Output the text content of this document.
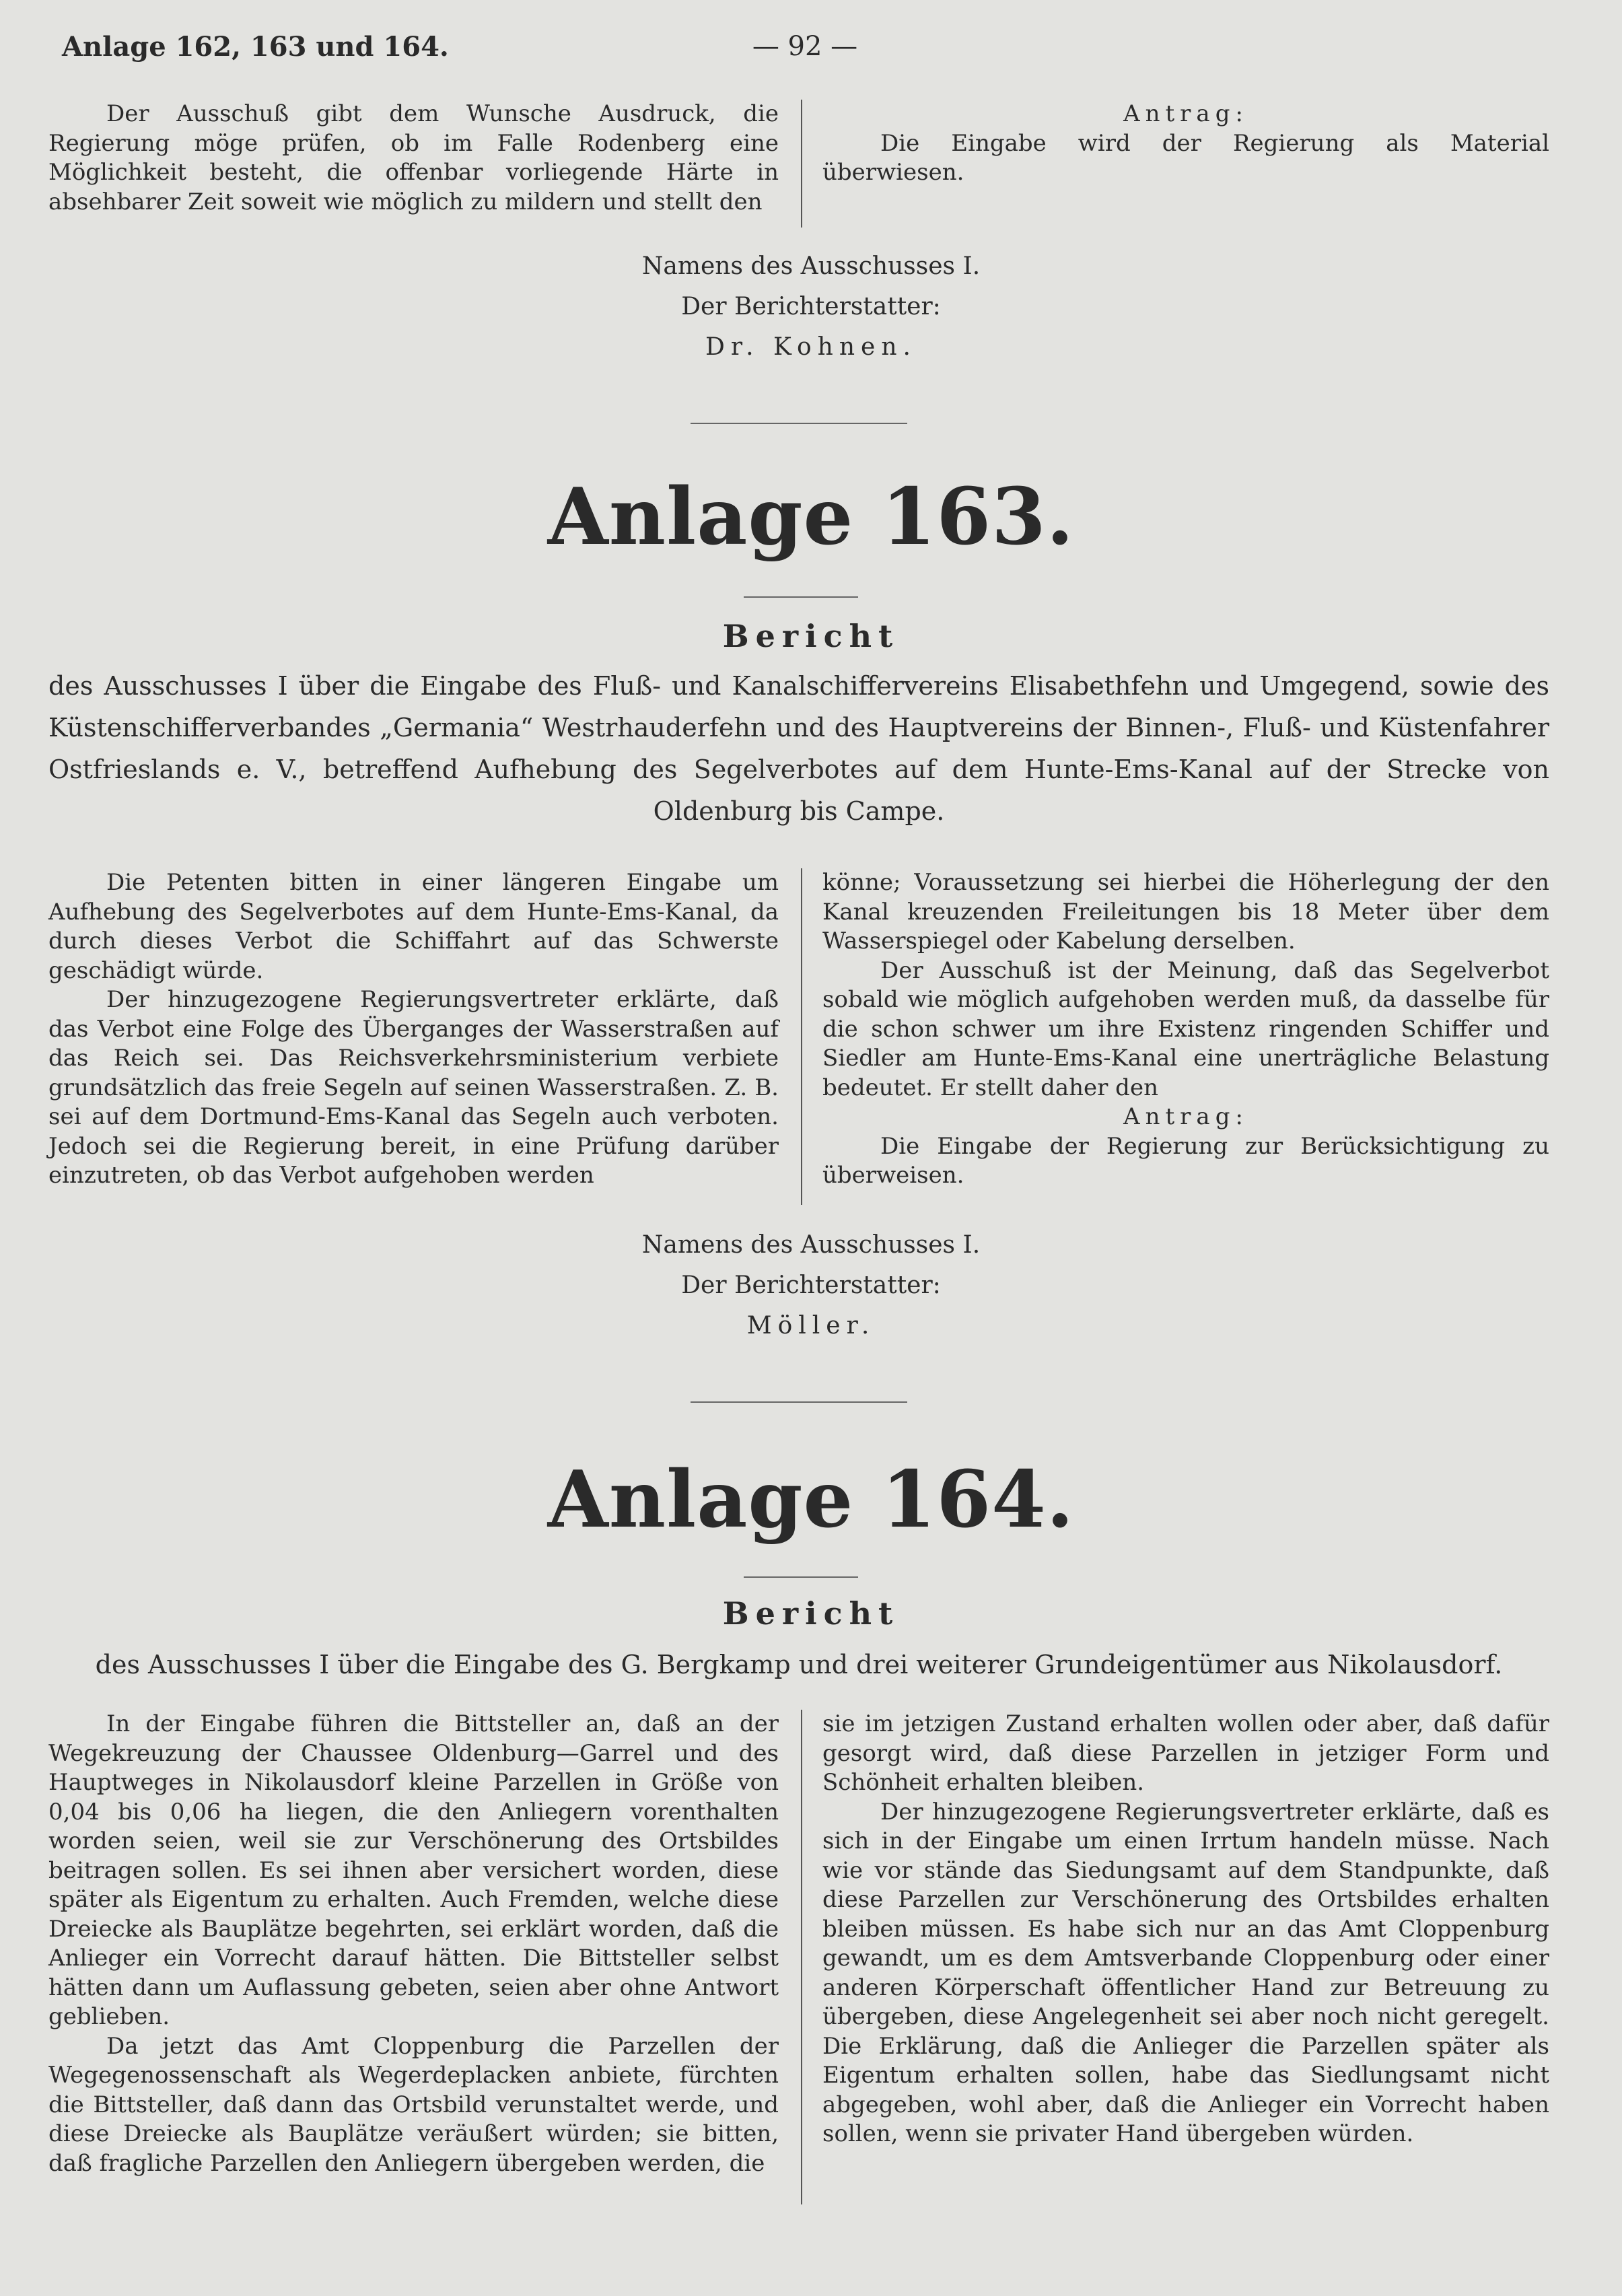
Anlage 162, 163 und 164.	— 92 —

Der Ausschuß gibt dem Wunsche Ausdruck, die Regierung möge prüfen, ob im Falle Rodenberg eine Möglichkeit besteht, die offenbar vorliegende Härte in absehbarer Zeit soweit wie möglich zu mildern und stellt den

Antrag:

Die Eingabe wird der Regierung als Material überwiesen.

Namens des Ausschusses I.
Der Berichterstatter:
Dr. Kohnen.
Anlage 163.
Bericht
des Ausschusses I über die Eingabe des Fluß- und Kanalschiffervereins Elisabethfehn und Umgegend, sowie des Küstenschifferverbandes „Germania“ Westrhauderfehn und des Hauptvereins der Binnen-, Fluß- und Küstenfahrer Ostfrieslands e. V., betreffend Aufhebung des Segelverbotes auf dem Hunte-Ems-Kanal auf der Strecke von Oldenburg bis Campe.

Die Petenten bitten in einer längeren Eingabe um Aufhebung des Segelverbotes auf dem Hunte-Ems-Kanal, da durch dieses Verbot die Schiffahrt auf das Schwerste geschädigt würde.

Der hinzugezogene Regierungsvertreter erklärte, daß das Verbot eine Folge des Überganges der Wasserstraßen auf das Reich sei. Das Reichsverkehrsministerium verbiete grundsätzlich das freie Segeln auf seinen Wasserstraßen. Z. B. sei auf dem Dortmund-Ems-Kanal das Segeln auch verboten. Jedoch sei die Regierung bereit, in eine Prüfung darüber einzutreten, ob das Verbot aufgehoben werden

könne; Voraussetzung sei hierbei die Höherlegung der den Kanal kreuzenden Freileitungen bis 18 Meter über dem Wasserspiegel oder Kabelung derselben.

Der Ausschuß ist der Meinung, daß das Segelverbot sobald wie möglich aufgehoben werden muß, da dasselbe für die schon schwer um ihre Existenz ringenden Schiffer und Siedler am Hunte-Ems-Kanal eine unerträgliche Belastung bedeutet. Er stellt daher den

Antrag:

Die Eingabe der Regierung zur Berücksichtigung zu überweisen.

Namens des Ausschusses I.
Der Berichterstatter:
Möller.
Anlage 164.
Bericht
des Ausschusses I über die Eingabe des G. Bergkamp und drei weiterer Grundeigentümer aus Nikolausdorf.

In der Eingabe führen die Bittsteller an, daß an der Wegekreuzung der Chaussee Oldenburg—Garrel und des Hauptweges in Nikolausdorf kleine Parzellen in Größe von 0,04 bis 0,06 ha liegen, die den Anliegern vorenthalten worden seien, weil sie zur Verschönerung des Ortsbildes beitragen sollen. Es sei ihnen aber versichert worden, diese später als Eigentum zu erhalten. Auch Fremden, welche diese Dreiecke als Bauplätze begehrten, sei erklärt worden, daß die Anlieger ein Vorrecht darauf hätten. Die Bittsteller selbst hätten dann um Auflassung gebeten, seien aber ohne Antwort geblieben.

Da jetzt das Amt Cloppenburg die Parzellen der Wegegenossenschaft als Wegerdeplacken anbiete, fürchten die Bittsteller, daß dann das Ortsbild verunstaltet werde, und diese Dreiecke als Bauplätze veräußert würden; sie bitten, daß fragliche Parzellen den Anliegern übergeben werden, die

sie im jetzigen Zustand erhalten wollen oder aber, daß dafür gesorgt wird, daß diese Parzellen in jetziger Form und Schönheit erhalten bleiben.

Der hinzugezogene Regierungsvertreter erklärte, daß es sich in der Eingabe um einen Irrtum handeln müsse. Nach wie vor stände das Siedungsamt auf dem Standpunkte, daß diese Parzellen zur Verschönerung des Ortsbildes erhalten bleiben müssen. Es habe sich nur an das Amt Cloppenburg gewandt, um es dem Amtsverbande Cloppenburg oder einer anderen Körperschaft öffentlicher Hand zur Betreuung zu übergeben, diese Angelegenheit sei aber noch nicht geregelt. Die Erklärung, daß die Anlieger die Parzellen später als Eigentum erhalten sollen, habe das Siedlungsamt nicht abgegeben, wohl aber, daß die Anlieger ein Vorrecht haben sollen, wenn sie privater Hand übergeben würden.
